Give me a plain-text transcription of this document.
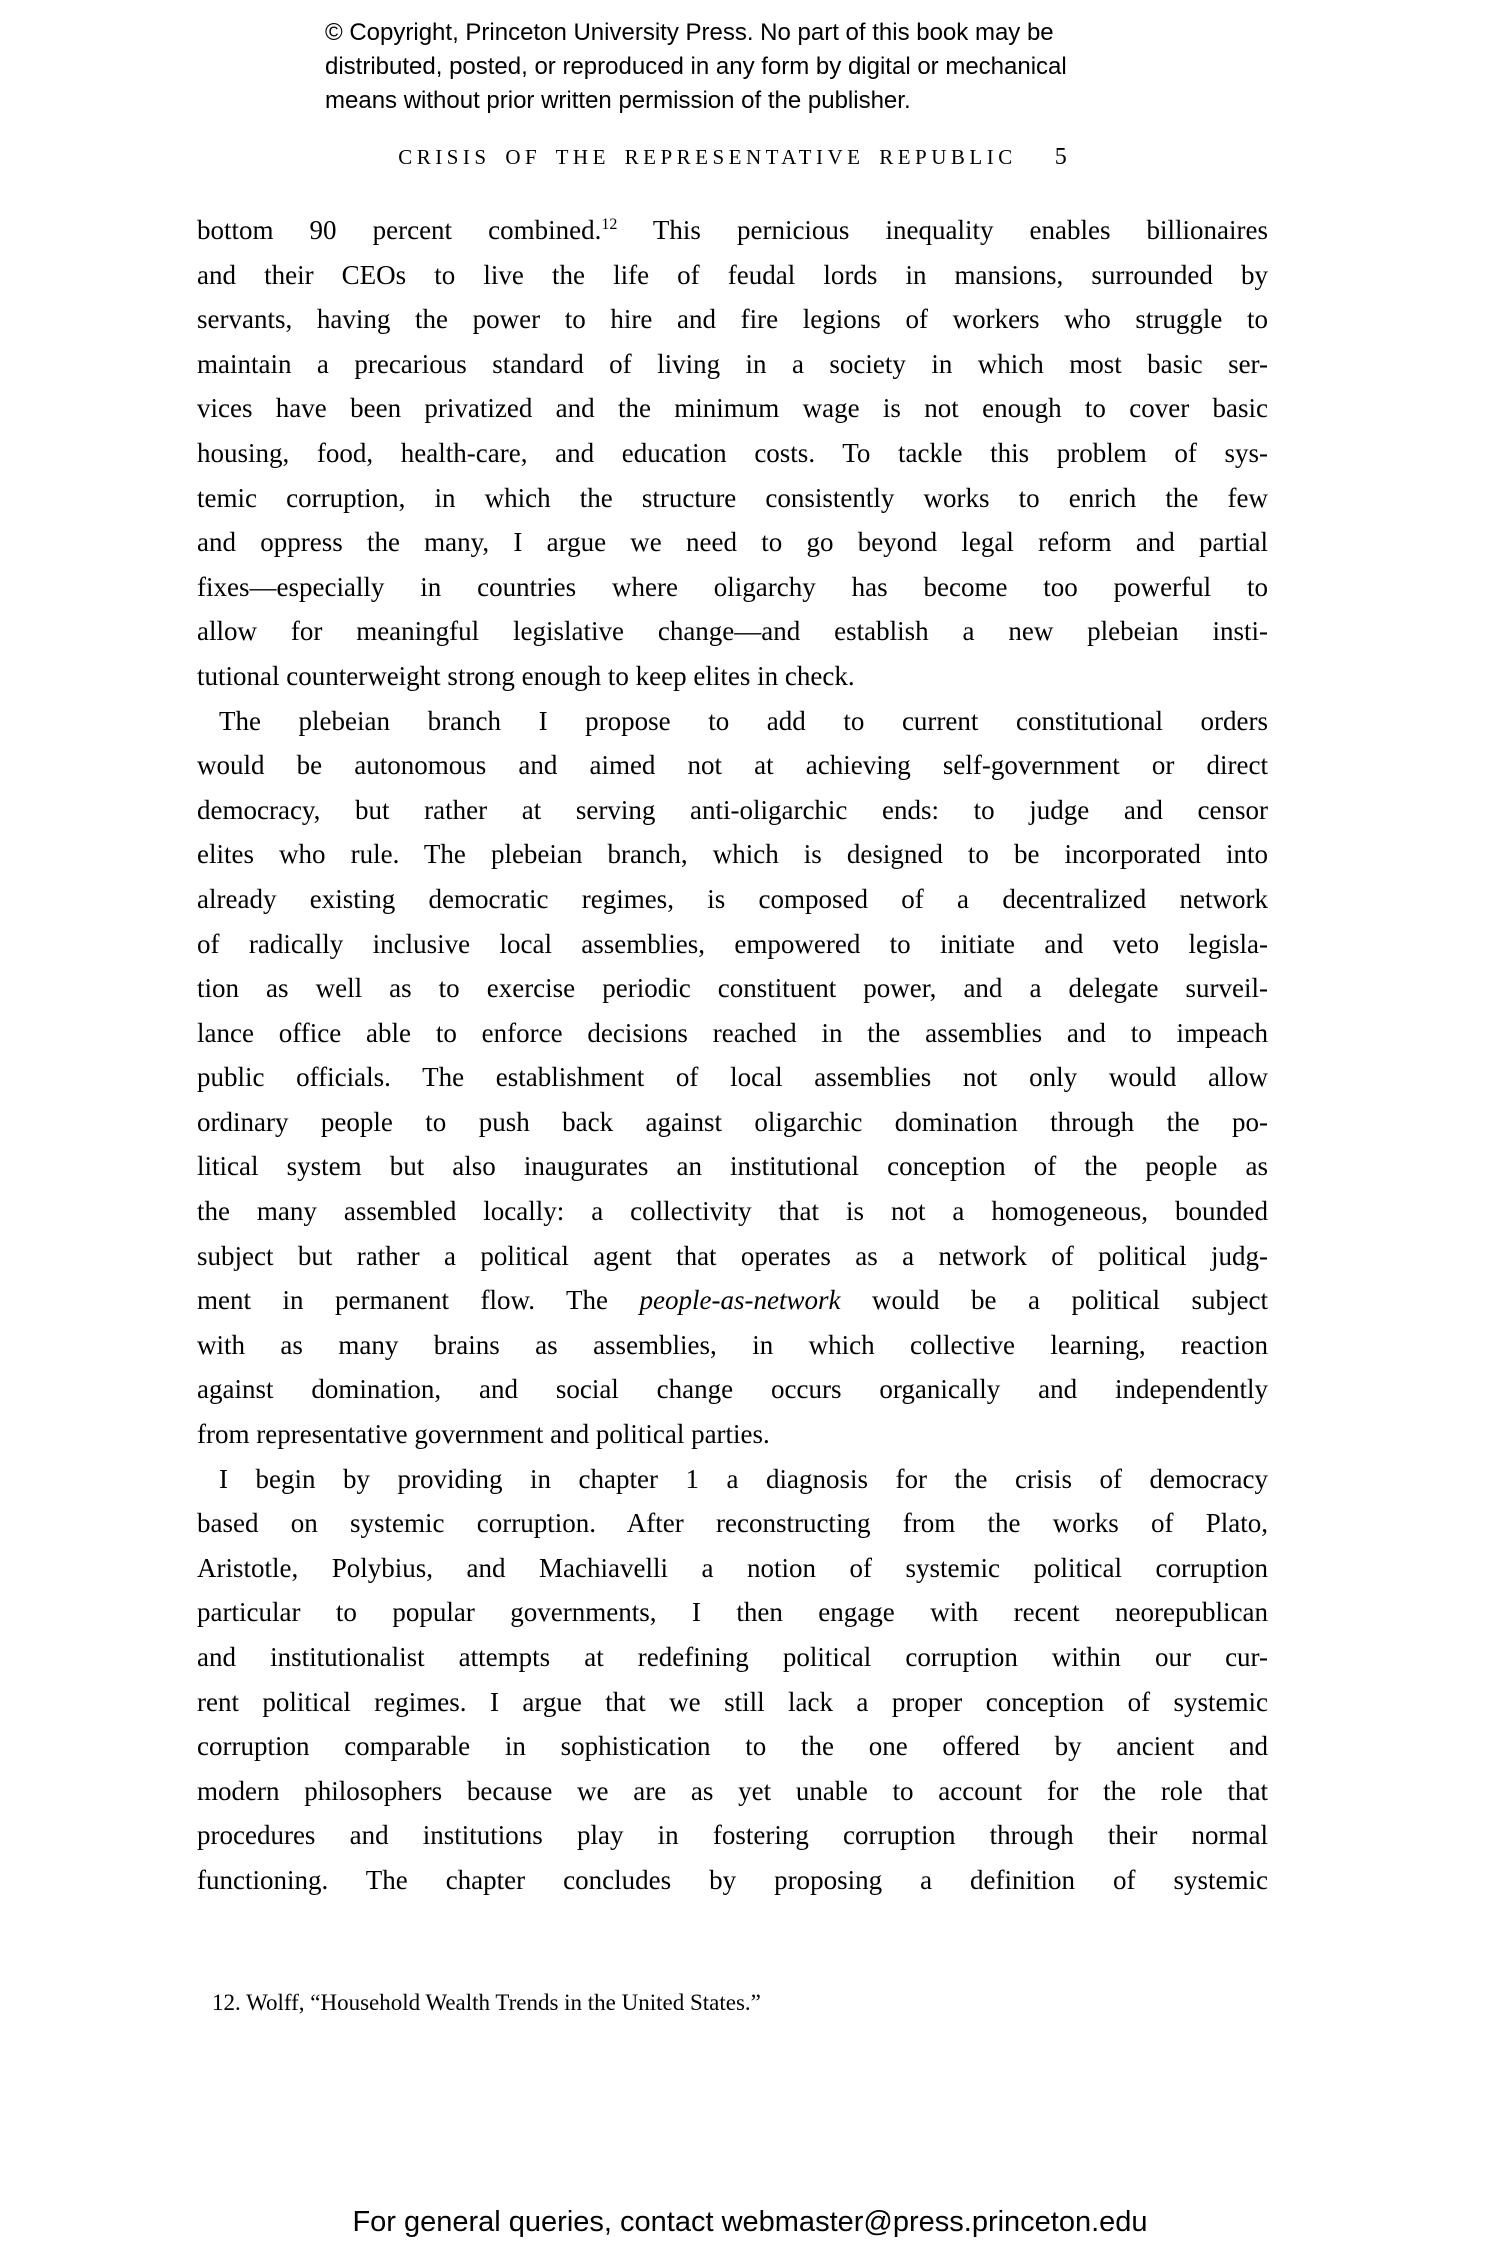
© Copyright, Princeton University Press. No part of this book may be
distributed, posted, or reproduced in any form by digital or mechanical
means without prior written permission of the publisher.
CRISIS OF THE REPRESENTATIVE REPUBLIC 5

bottom 90 percent combined.$^{12}$ This pernicious inequality enables billionaires
and their CEOs to live the life of feudal lords in mansions, surrounded by
servants, having the power to hire and fire legions of workers who struggle to
maintain a precarious standard of living in a society in which most basic ser-
vices have been privatized and the minimum wage is not enough to cover basic
housing, food, health-care, and education costs. To tackle this problem of sys-
temic corruption, in which the structure consistently works to enrich the few
and oppress the many, I argue we need to go beyond legal reform and partial
fixes—especially in countries where oligarchy has become too powerful to
allow for meaningful legislative change—and establish a new plebeian insti-
tutional counterweight strong enough to keep elites in check.

The plebeian branch I propose to add to current constitutional orders
would be autonomous and aimed not at achieving self-government or direct
democracy, but rather at serving anti-oligarchic ends: to judge and censor
elites who rule. The plebeian branch, which is designed to be incorporated into
already existing democratic regimes, is composed of a decentralized network
of radically inclusive local assemblies, empowered to initiate and veto legisla-
tion as well as to exercise periodic constituent power, and a delegate surveil-
lance office able to enforce decisions reached in the assemblies and to impeach
public officials. The establishment of local assemblies not only would allow
ordinary people to push back against oligarchic domination through the po-
litical system but also inaugurates an institutional conception of the people as
the many assembled locally: a collectivity that is not a homogeneous, bounded
subject but rather a political agent that operates as a network of political judg-
ment in permanent flow. The people-as-network would be a political subject
with as many brains as assemblies, in which collective learning, reaction
against domination, and social change occurs organically and independently
from representative government and political parties.

I begin by providing in chapter 1 a diagnosis for the crisis of democracy
based on systemic corruption. After reconstructing from the works of Plato,
Aristotle, Polybius, and Machiavelli a notion of systemic political corruption
particular to popular governments, I then engage with recent neorepublican
and institutionalist attempts at redefining political corruption within our cur-
rent political regimes. I argue that we still lack a proper conception of systemic
corruption comparable in sophistication to the one offered by ancient and
modern philosophers because we are as yet unable to account for the role that
procedures and institutions play in fostering corruption through their normal
functioning. The chapter concludes by proposing a definition of systemic

12. Wolff, “Household Wealth Trends in the United States.”
For general queries, contact webmaster@press.princeton.edu
